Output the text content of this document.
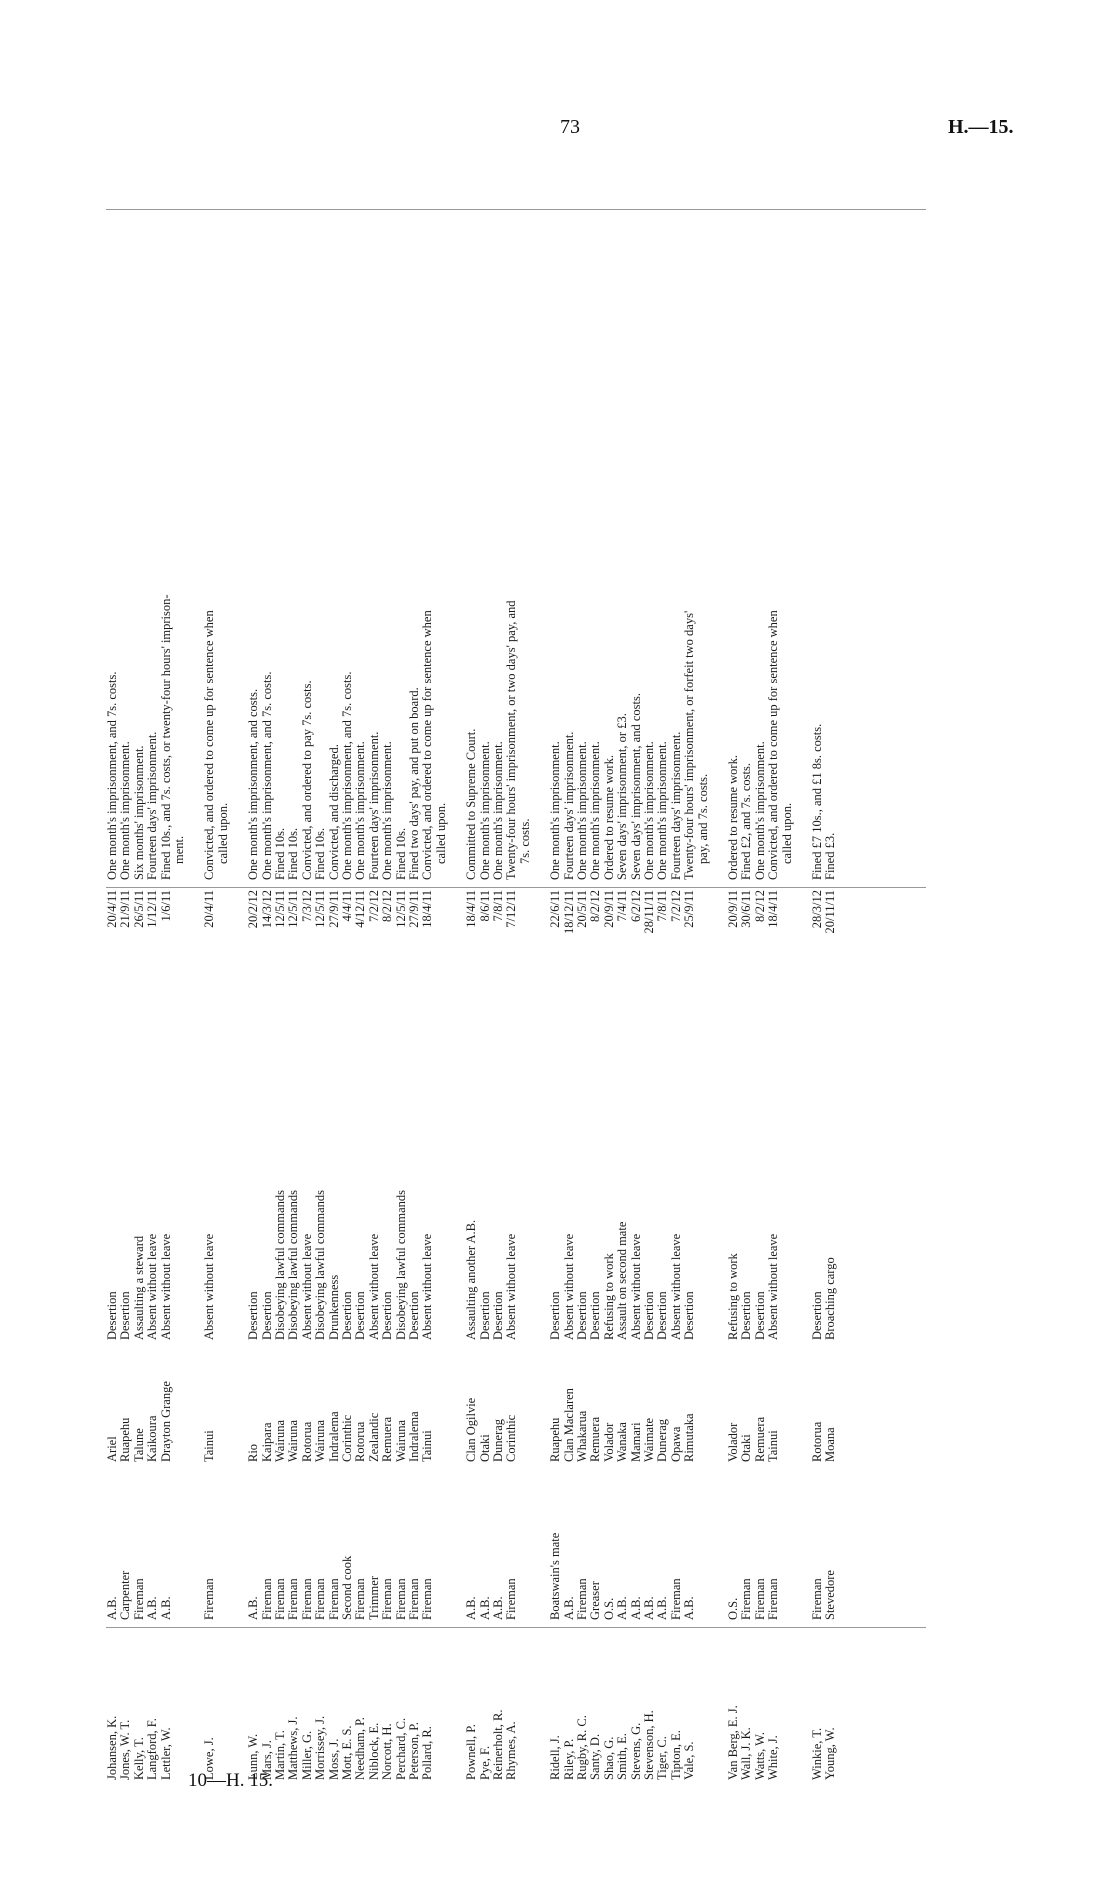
73	H.—15.
10—H. 15.
Johansen, K.
A.B.
Ariel
Desertion
20/4/11
One month's imprisonment, and 7s. costs.
Jones, W. T.
Carpenter
Ruapehu
Desertion
21/9/11
One month's imprisonment.
Kelly, T.
Fireman
Talune
Assaulting a steward
26/5/11
Six months' imprisonment.
Langford, F.
A.B.
Kaikoura
Absent without leave
1/12/11
Fourteen days' imprisonment.
Lettler, W.
A.B.
Drayton Grange
Absent without leave
1/6/11
Fined 10s., and 7s. costs, or twenty-four hours' imprison- ment.
Lowe, J.
Fireman
Tainui
Absent without leave
20/4/11
Convicted, and ordered to come up for sentence when called upon.
Lunn, W.
A.B.
Rio
Desertion
20/2/12
One month's imprisonment, and costs.
Mars, J.
Fireman
Kaipara
Desertion
14/3/12
One month's imprisonment, and 7s. costs.
Martin, T.
Fireman
Wairuna
Disobeying lawful commands
12/5/11
Fined 10s.
Matthews, J.
Fireman
Wairuna
Disobeying lawful commands
12/5/11
Fined 10s.
Miller, G.
Fireman
Rotorua
Absent without leave
7/3/12
Convicted, and ordered to pay 7s. costs.
Morrissey, J.
Fireman
Wairuna
Disobeying lawful commands
12/5/11
Fined 10s.
Moss, J.
Fireman
Indralema
Drunkenness
27/9/11
Convicted, and discharged.
Mott, E. S.
Second cook
Corinthic
Desertion
4/4/11
One month's imprisonment, and 7s. costs.
Needham, P.
Fireman
Rotorua
Desertion
4/12/11
One month's imprisonment.
Niblock, E.
Trimmer
Zealandic
Absent without leave
7/2/12
Fourteen days' imprisonment.
Norcott, H.
Fireman
Remuera
Desertion
8/2/12
One month's imprisonment.
Perchard, C.
Fireman
Wairuna
Disobeying lawful commands
12/5/11
Fined 10s.
Peterson, P.
Fireman
Indralema
Desertion
27/9/11
Fined two days' pay, and put on board.
Pollard, R.
Fireman
Tainui
Absent without leave
18/4/11
Convicted, and ordered to come up for sentence when called upon.
Pownell, P.
A.B.
Clan Ogilvie
Assaulting another A.B.
18/4/11
Committed to Supreme Court.
Pye, F.
A.B.
Otaki
Desertion
8/6/11
One month's imprisonment.
Reinerholt, R.
A.B.
Dunerag
Desertion
7/8/11
One month's imprisonment.
Rhymes, A.
Fireman
Corinthic
Absent without leave
7/12/11
Twenty-four hours' imprisonment, or two days' pay, and 7s. costs.
Ridell, J.
Boatswain's mate
Ruapehu
Desertion
22/6/11
One month's imprisonment.
Riley, P.
A.B.
Clan Maclaren
Absent without leave
18/12/11
Fourteen days' imprisonment.
Rugby, R. C.
Fireman
Whakarua
Desertion
20/5/11
One month's imprisonment.
Santy, D.
Greaser
Remuera
Desertion
8/2/12
One month's imprisonment.
Shao, G.
O.S.
Volador
Refusing to work
20/9/11
Ordered to resume work.
Smith, E.
A.B.
Wanaka
Assault on second mate
7/4/11
Seven days' imprisonment, or £3.
Stevens, G.
A.B.
Mamari
Absent without leave
6/2/12
Seven days' imprisonment, and costs.
Stevenson, H.
A.B.
Waimate
Desertion
28/11/11
One month's imprisonment.
Tiger, C.
A.B.
Dunerag
Desertion
7/8/11
One month's imprisonment.
Tipton, E.
Fireman
Opawa
Absent without leave
7/2/12
Fourteen days' imprisonment.
Vale, S.
A.B.
Rimutaka
Desertion
25/9/11
Twenty-four hours' imprisonment, or forfeit two days' pay, and 7s. costs.
Van Berg, E. J.
O.S.
Volador
Refusing to work
20/9/11
Ordered to resume work.
Wall, J. K.
Fireman
Otaki
Desertion
30/6/11
Fined £2, and 7s. costs.
Watts, W.
Fireman
Remuera
Desertion
8/2/12
One month's imprisonment.
White, J.
Fireman
Tainui
Absent without leave
18/4/11
Convicted, and ordered to come up for sentence when called upon.
Winkie, T.
Fireman
Rotorua
Desertion
28/3/12
Fined £7 10s., and £1 8s. costs.
Young, W.
Stevedore
Moana
Broaching cargo
20/11/11
Fined £3.
